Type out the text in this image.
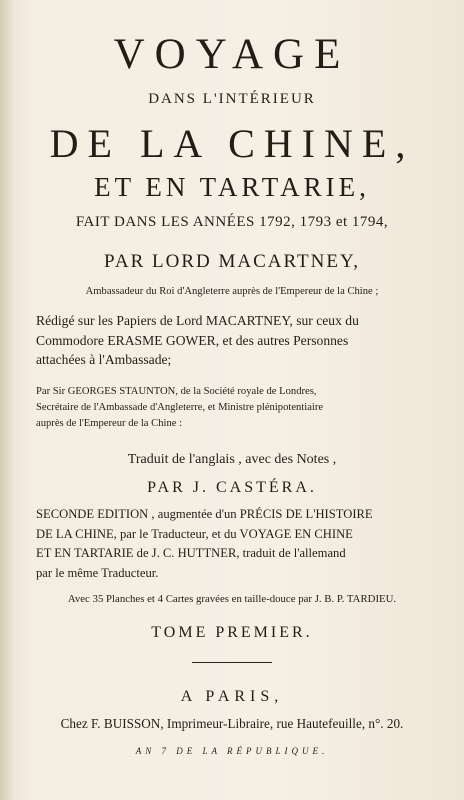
VOYAGE
DANS L'INTÉRIEUR
DE LA CHINE,
ET EN TARTARIE,
FAIT DANS LES ANNÉES 1792, 1793 et 1794,
PAR LORD MACARTNEY,
Ambassadeur du Roi d'Angleterre auprès de l'Empereur de la Chine ;
Rédigé sur les Papiers de Lord MACARTNEY, sur ceux du
Commodore ERASME GOWER, et des autres Personnes
attachées à l'Ambassade;
Par Sir GEORGES STAUNTON, de la Société royale de Londres,
Secrétaire de l'Ambassade d'Angleterre, et Ministre plénipotentiaire
auprès de l'Empereur de la Chine :
Traduit de l'anglais , avec des Notes ,
PAR J. CASTÉRA.
SECONDE EDITION , augmentée d'un PRÉCIS DE L'HISTOIRE
DE LA CHINE, par le Traducteur, et du VOYAGE EN CHINE
ET EN TARTARIE de J. C. HUTTNER, traduit de l'allemand
par le même Traducteur.
Avec 35 Planches et 4 Cartes gravées en taille-douce par J. B. P. TARDIEU.
TOME PREMIER.
A PARIS,
Chez F. BUISSON, Imprimeur-Libraire, rue Hautefeuille, n°. 20.
AN 7 DE LA RÉPUBLIQUE.
